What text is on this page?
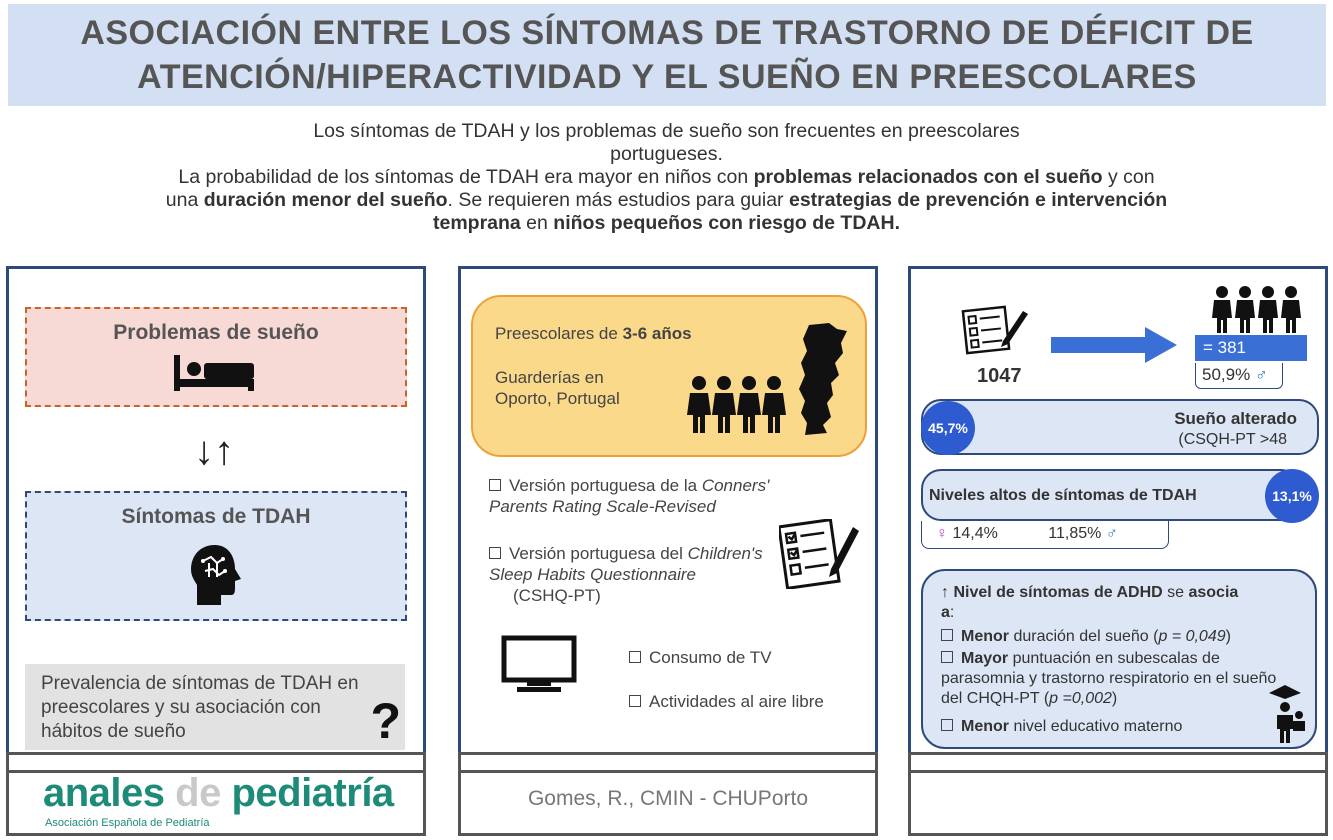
ASOCIACIÓN ENTRE LOS SÍNTOMAS DE TRASTORNO DE DÉFICIT DE
ATENCIÓN/HIPERACTIVIDAD Y EL SUEÑO EN PREESCOLARES
Los síntomas de TDAH y los problemas de sueño son frecuentes en preescolares
portugueses.
La probabilidad de los síntomas de TDAH era mayor en niños con problemas relacionados con el sueño y con
una duración menor del sueño. Se requieren más estudios para guiar estrategias de prevención e intervención
temprana en niños pequeños con riesgo de TDAH.
Problemas de sueño
↓↑
Síntomas de TDAH
Prevalencia de síntomas de TDAH en preescolares y su asociación con hábitos de sueño	?
Preescolares de 3-6 años
Guarderías en Oporto, Portugal
Versión portuguesa de la Conners' Parents Rating Scale-Revised
Versión portuguesa del Children's Sleep Habits Questionnaire
(CSHQ-PT)
Consumo de TV
Actividades al aire libre
1047
= 381
50,9% ♂
Sueño alterado
(CSQH-PT >48
45,7%
Niveles altos de síntomas de TDAH	13,1%
♀ 14,4%	11,85% ♂
↑ Nivel de síntomas de ADHD se asocia
a:
Menor duración del sueño (p = 0,049)
Mayor puntuación en subescalas de parasomnia y trastorno respiratorio en el sueño del CHQH-PT (p =0,002)
Menor nivel educativo materno
anales de pediatría
Asociación Española de Pediatría
Gomes, R., CMIN - CHUPorto
